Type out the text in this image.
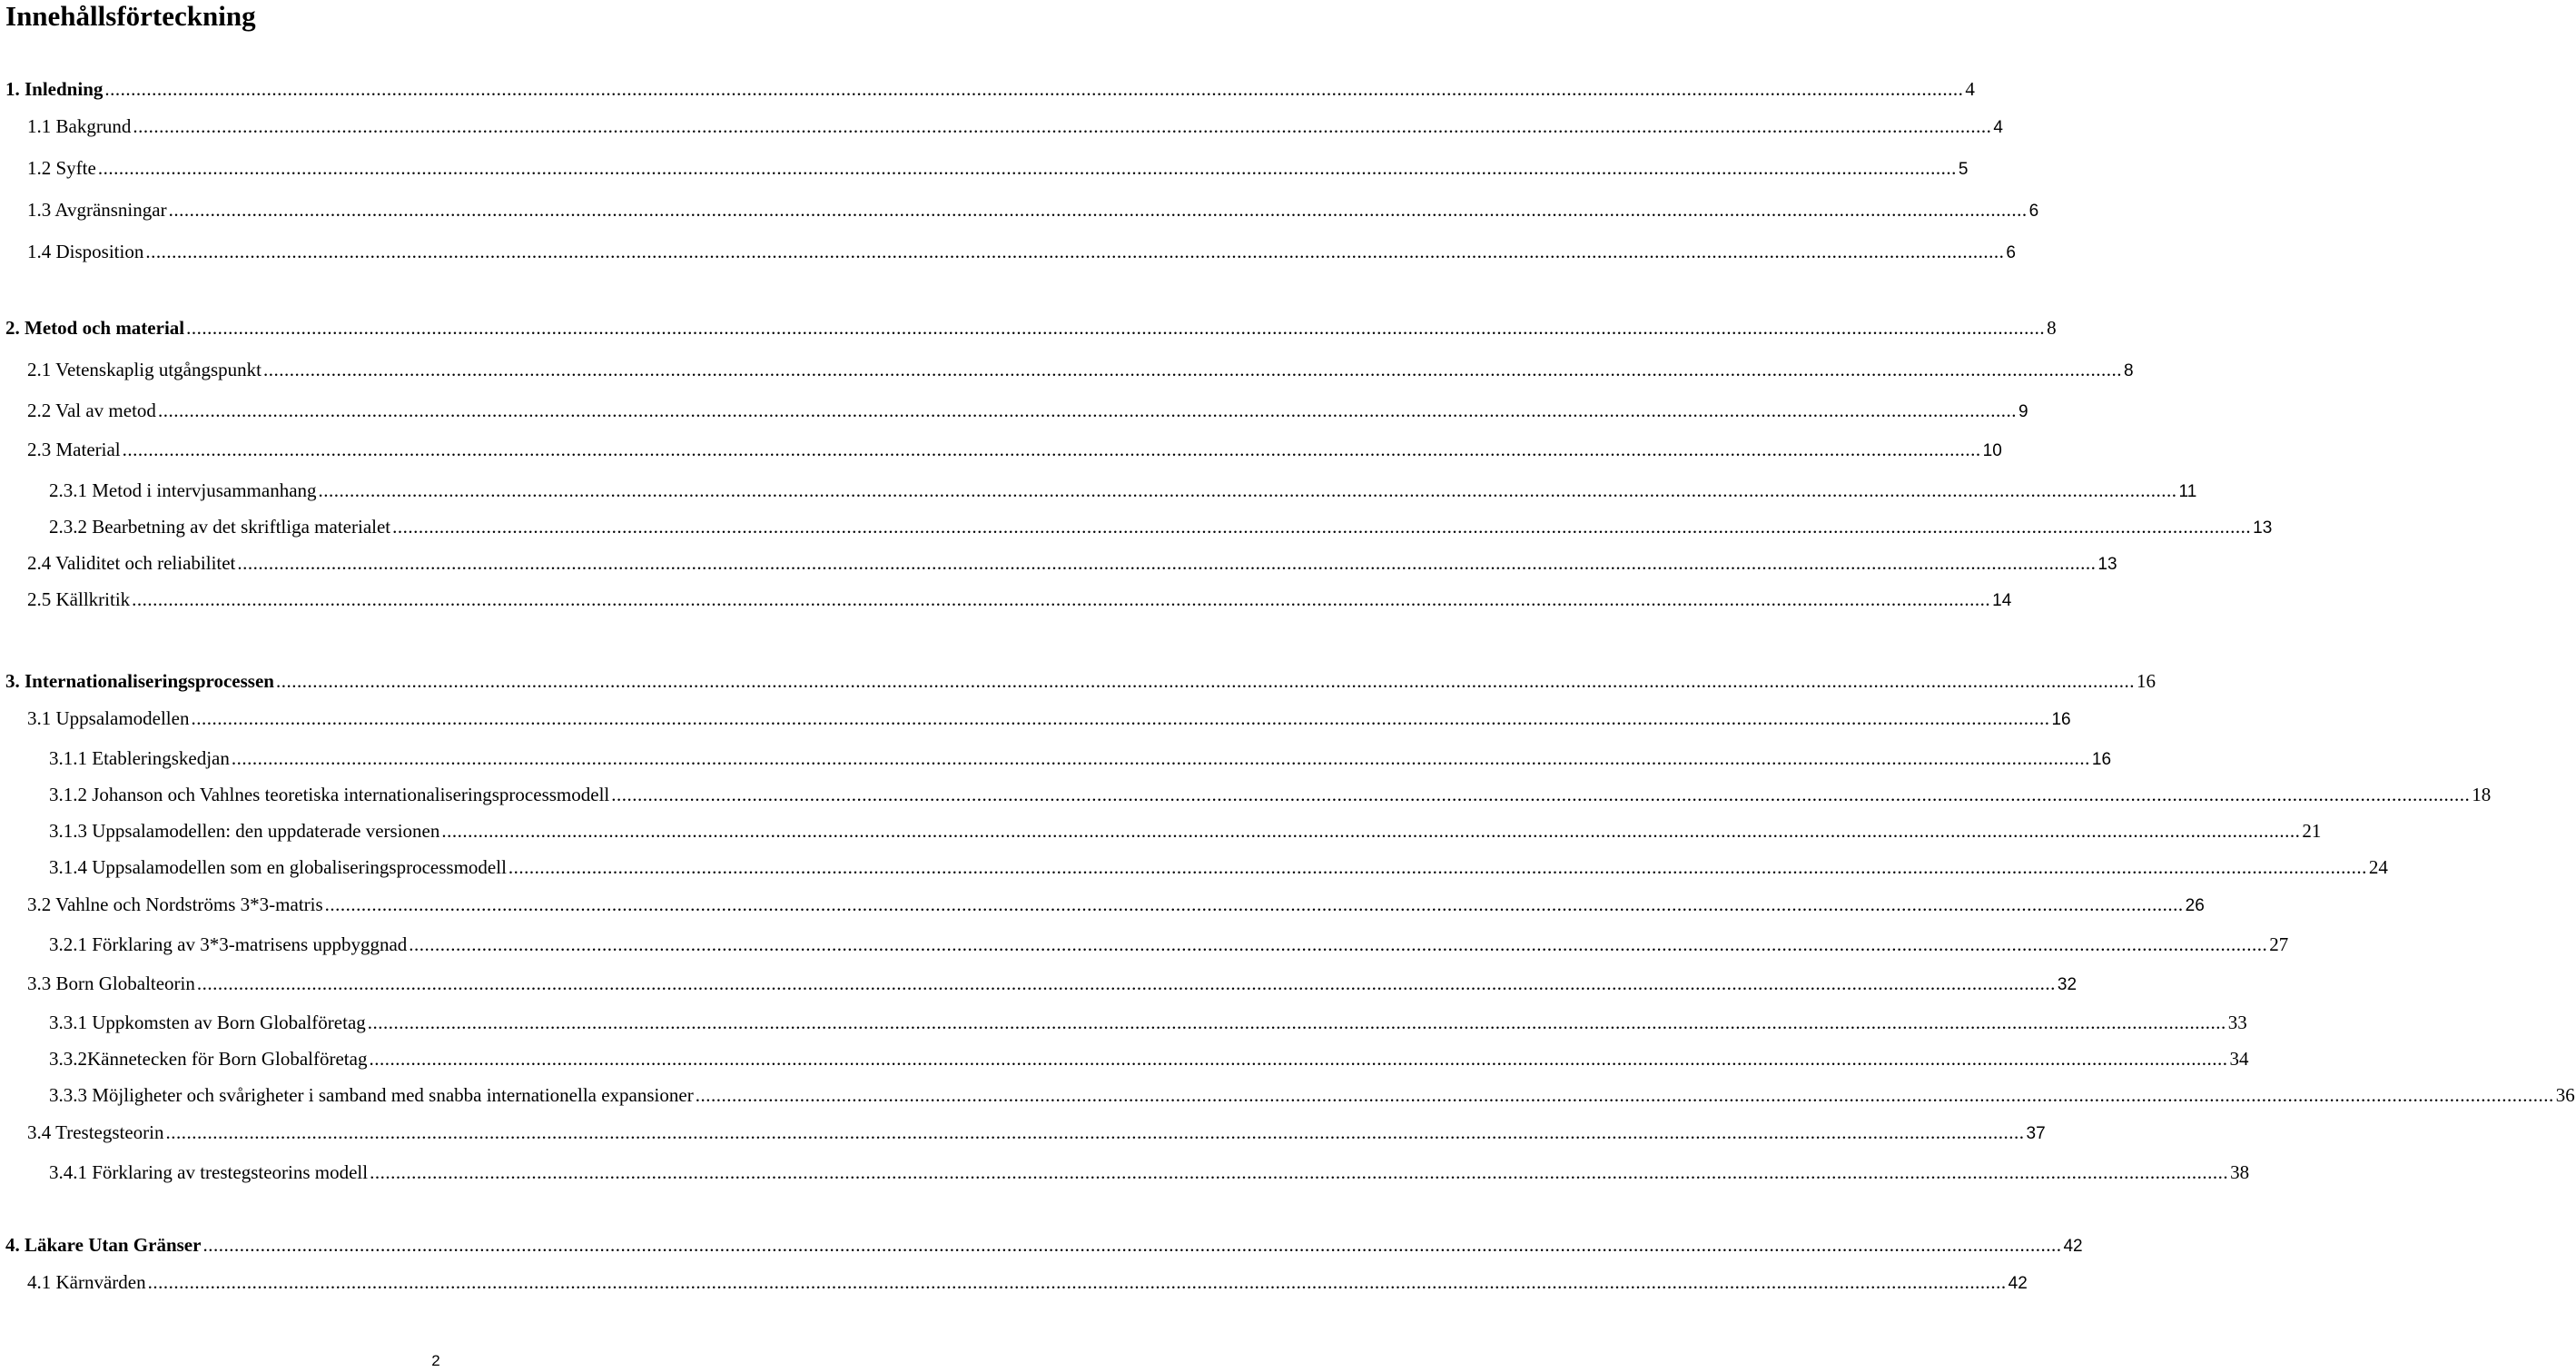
Innehållsförteckning
1. Inledning .................................................................................................................................................................................................................................................................................................................................................................... 4
1.1 Bakgrund .................................................................................................................................................................................................................................................................................................................................................................... 4
1.2 Syfte .................................................................................................................................................................................................................................................................................................................................................................... 5
1.3 Avgränsningar .................................................................................................................................................................................................................................................................................................................................................................... 6
1.4 Disposition .................................................................................................................................................................................................................................................................................................................................................................... 6
2. Metod och material .................................................................................................................................................................................................................................................................................................................................................................... 8
2.1 Vetenskaplig utgångspunkt .................................................................................................................................................................................................................................................................................................................................................................... 8
2.2 Val av metod .................................................................................................................................................................................................................................................................................................................................................................... 9
2.3 Material .................................................................................................................................................................................................................................................................................................................................................................... 10
2.3.1 Metod i intervjusammanhang .................................................................................................................................................................................................................................................................................................................................................................... 11
2.3.2 Bearbetning av det skriftliga materialet .................................................................................................................................................................................................................................................................................................................................................................... 13
2.4 Validitet och reliabilitet .................................................................................................................................................................................................................................................................................................................................................................... 13
2.5 Källkritik .................................................................................................................................................................................................................................................................................................................................................................... 14
3. Internationaliseringsprocessen .................................................................................................................................................................................................................................................................................................................................................................... 16
3.1 Uppsalamodellen .................................................................................................................................................................................................................................................................................................................................................................... 16
3.1.1 Etableringskedjan .................................................................................................................................................................................................................................................................................................................................................................... 16
3.1.2 Johanson och Vahlnes teoretiska internationaliseringsprocessmodell .................................................................................................................................................................................................................................................................................................................................................................... 18
3.1.3 Uppsalamodellen: den uppdaterade versionen .................................................................................................................................................................................................................................................................................................................................................................... 21
3.1.4 Uppsalamodellen som en globaliseringsprocessmodell .................................................................................................................................................................................................................................................................................................................................................................... 24
3.2 Vahlne och Nordströms 3*3-matris .................................................................................................................................................................................................................................................................................................................................................................... 26
3.2.1 Förklaring av 3*3-matrisens uppbyggnad .................................................................................................................................................................................................................................................................................................................................................................... 27
3.3 Born Globalteorin .................................................................................................................................................................................................................................................................................................................................................................... 32
3.3.1 Uppkomsten av Born Globalföretag .................................................................................................................................................................................................................................................................................................................................................................... 33
3.3.2Kännetecken för Born Globalföretag .................................................................................................................................................................................................................................................................................................................................................................... 34
3.3.3 Möjligheter och svårigheter i samband med snabba internationella expansioner .................................................................................................................................................................................................................................................................................................................................................................... 36
3.4 Trestegsteorin .................................................................................................................................................................................................................................................................................................................................................................... 37
3.4.1 Förklaring av trestegsteorins modell .................................................................................................................................................................................................................................................................................................................................................................... 38
4. Läkare Utan Gränser .................................................................................................................................................................................................................................................................................................................................................................... 42
4.1 Kärnvärden .................................................................................................................................................................................................................................................................................................................................................................... 42
2
